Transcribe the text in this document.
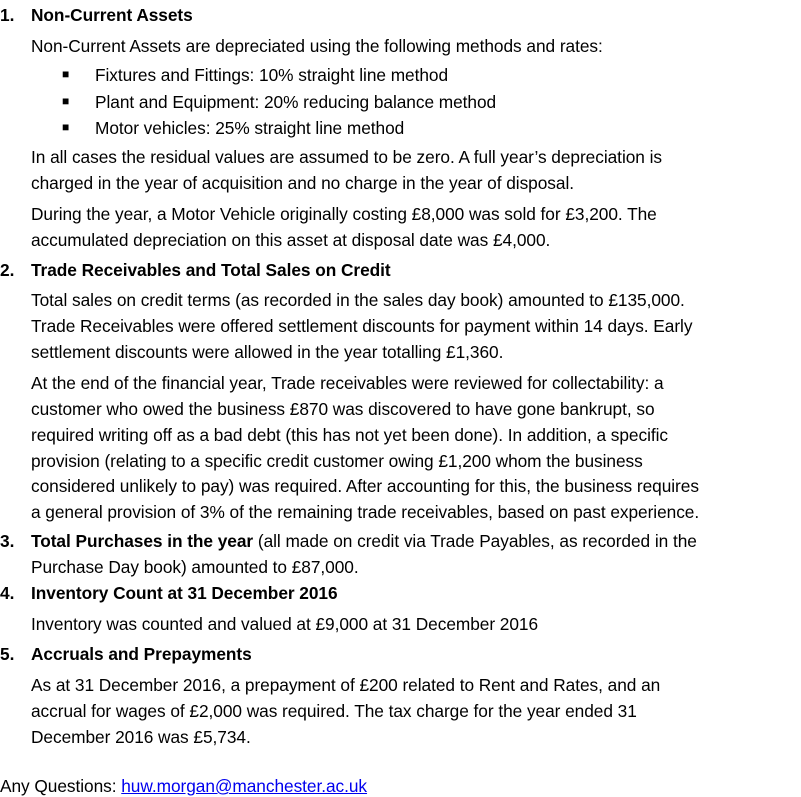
1. Non-Current Assets
Non-Current Assets are depreciated using the following methods and rates:
■ Fixtures and Fittings: 10% straight line method
■ Plant and Equipment: 20% reducing balance method
■ Motor vehicles: 25% straight line method
In all cases the residual values are assumed to be zero. A full year’s depreciation is
charged in the year of acquisition and no charge in the year of disposal.
During the year, a Motor Vehicle originally costing £8,000 was sold for £3,200. The
accumulated depreciation on this asset at disposal date was £4,000.
2. Trade Receivables and Total Sales on Credit
Total sales on credit terms (as recorded in the sales day book) amounted to £135,000.
Trade Receivables were offered settlement discounts for payment within 14 days. Early
settlement discounts were allowed in the year totalling £1,360.
At the end of the financial year, Trade receivables were reviewed for collectability: a
customer who owed the business £870 was discovered to have gone bankrupt, so
required writing off as a bad debt (this has not yet been done). In addition, a specific
provision (relating to a specific credit customer owing £1,200 whom the business
considered unlikely to pay) was required. After accounting for this, the business requires
a general provision of 3% of the remaining trade receivables, based on past experience.
3. Total Purchases in the year (all made on credit via Trade Payables, as recorded in the
Purchase Day book) amounted to £87,000.
4. Inventory Count at 31 December 2016
Inventory was counted and valued at £9,000 at 31 December 2016
5. Accruals and Prepayments
As at 31 December 2016, a prepayment of £200 related to Rent and Rates, and an
accrual for wages of £2,000 was required. The tax charge for the year ended 31
December 2016 was £5,734.
Any Questions: huw.morgan@manchester.ac.uk
